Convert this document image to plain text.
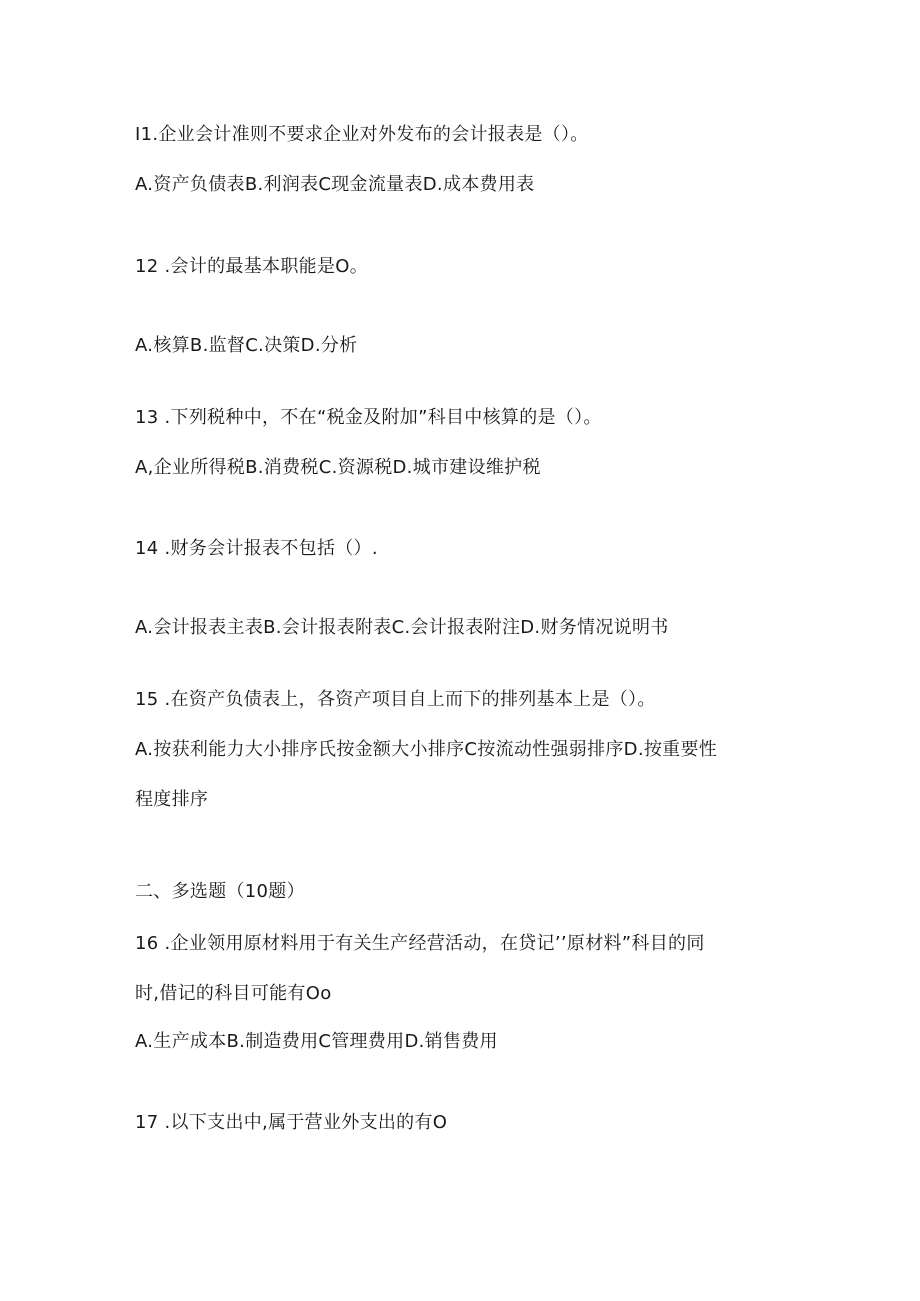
I1.企业会计准则不要求企业对外发布的会计报表是（）。
A.资产负债表B.利润表C现金流量表D.成本费用表
12 .会计的最基本职能是O。
A.核算B.监督C.决策D.分析
13 .下列税种中，不在“税金及附加”科目中核算的是（）。
A,企业所得税B.消费税C.资源税D.城市建设维护税
14 .财务会计报表不包括（）.
A.会计报表主表B.会计报表附表C.会计报表附注D.财务情况说明书
15 .在资产负债表上，各资产项目自上而下的排列基本上是（）。
A.按获利能力大小排序氏按金额大小排序C按流动性强弱排序D.按重要性
程度排序
二、多选题（10题）
16 .企业领用原材料用于有关生产经营活动，在贷记’’原材料”科目的同
时,借记的科目可能有Oo
A.生产成本B.制造费用C管理费用D.销售费用
17 .以下支出中,属于营业外支出的有O
